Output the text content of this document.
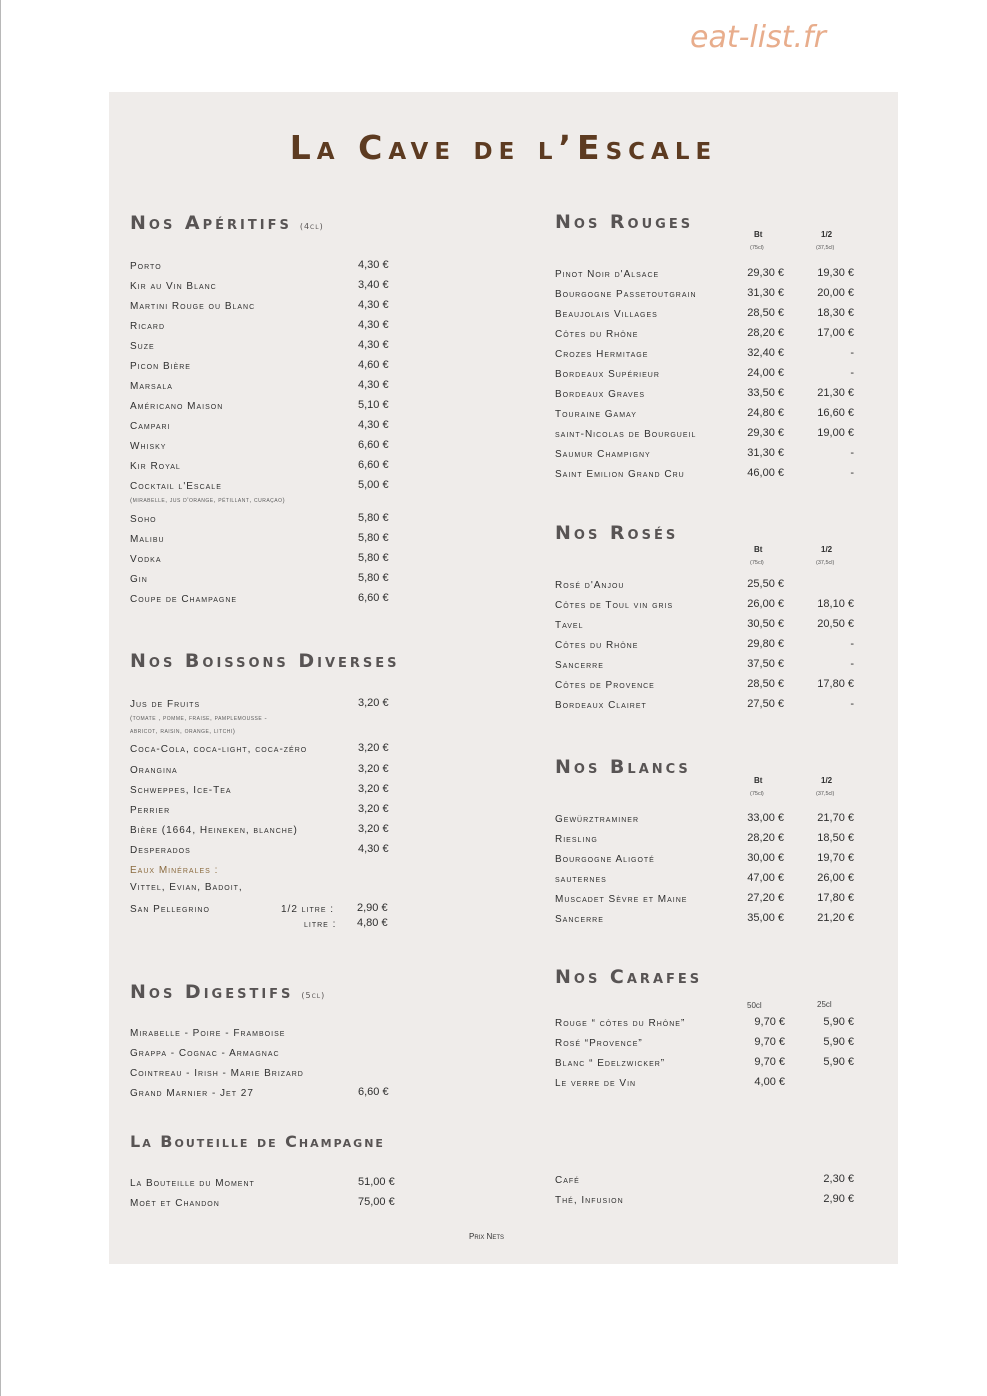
eat-list.fr
La Cave de l’Escale
Nos Apéritifs (4cl)
Nos Boissons Diverses
Eaux Minérales :
Vittel, Evian, Badoit,
San Pellegrino	1/2 litre : 2,90 €
litre : 4,80 €
Nos Digestifs (5cl)
La Bouteille de Champagne
Nos Rouges
Nos Rosés
Nos Blancs
Nos Carafes
50cl	25cl
Prix Nets
Porto	4,30 €
Kir au Vin Blanc	3,40 €
Martini Rouge ou Blanc	4,30 €
Ricard	4,30 €
Suze	4,30 €
Picon Bière	4,60 €
Marsala	4,30 €
Américano Maison	5,10 €
Campari	4,30 €
Whisky	6,60 €
Kir Royal	6,60 €
Cocktail l'Escale	5,00 €
(mirabelle, jus d'orange, pétillant, curaçao)
Soho	5,80 €
Malibu	5,80 €
Vodka	5,80 €
Gin	5,80 €
Coupe de Champagne	6,60 €
Jus de Fruits	3,20 €
(tomate , pomme, fraise, pamplemousse -
abricot, raisin, orange, litchi)
Coca-Cola, coca-light, coca-zéro	3,20 €
Orangina	3,20 €
Schweppes, Ice-Tea	3,20 €
Perrier	3,20 €
Bière (1664, Heineken, blanche)	3,20 €
Desperados	4,30 €
Mirabelle - Poire - Framboise
Grappa - Cognac - Armagnac
Cointreau - Irish - Marie Brizard
Grand Marnier - Jet 27	6,60 €
La Bouteille du Moment	51,00 €
Moët et Chandon	75,00 €
Bt
(75cl)
1/2
(37,5cl)
Pinot Noir d'Alsace	29,30 €	19,30 €
Bourgogne Passetoutgrain	31,30 €	20,00 €
Beaujolais Villages	28,50 €	18,30 €
Côtes du Rhône	28,20 €	17,00 €
Crozes Hermitage	32,40 €	-
Bordeaux Supérieur	24,00 €	-
Bordeaux Graves	33,50 €	21,30 €
Touraine Gamay	24,80 €	16,60 €
saint-Nicolas de Bourgueil	29,30 €	19,00 €
Saumur Champigny	31,30 €	-
Saint Emilion Grand Cru	46,00 €	-
Bt
(75cl)
1/2
(37,5cl)
Rosé d'Anjou	25,50 €
Côtes de Toul vin gris	26,00 €	18,10 €
Tavel	30,50 €	20,50 €
Côtes du Rhône	29,80 €	-
Sancerre	37,50 €	-
Côtes de Provence	28,50 €	17,80 €
Bordeaux Clairet	27,50 €	-
Bt
(75cl)
1/2
(37,5cl)
Gewürztraminer	33,00 €	21,70 €
Riesling	28,20 €	18,50 €
Bourgogne Aligoté	30,00 €	19,70 €
sauternes	47,00 €	26,00 €
Muscadet Sèvre et Maine	27,20 €	17,80 €
Sancerre	35,00 €	21,20 €
Rouge “ côtes du Rhône”	9,70 €	5,90 €
Rosé “Provence”	9,70 €	5,90 €
Blanc “ Edelzwicker”	9,70 €	5,90 €
Le verre de Vin	4,00 €
Café	2,30 €
Thé, Infusion	2,90 €
